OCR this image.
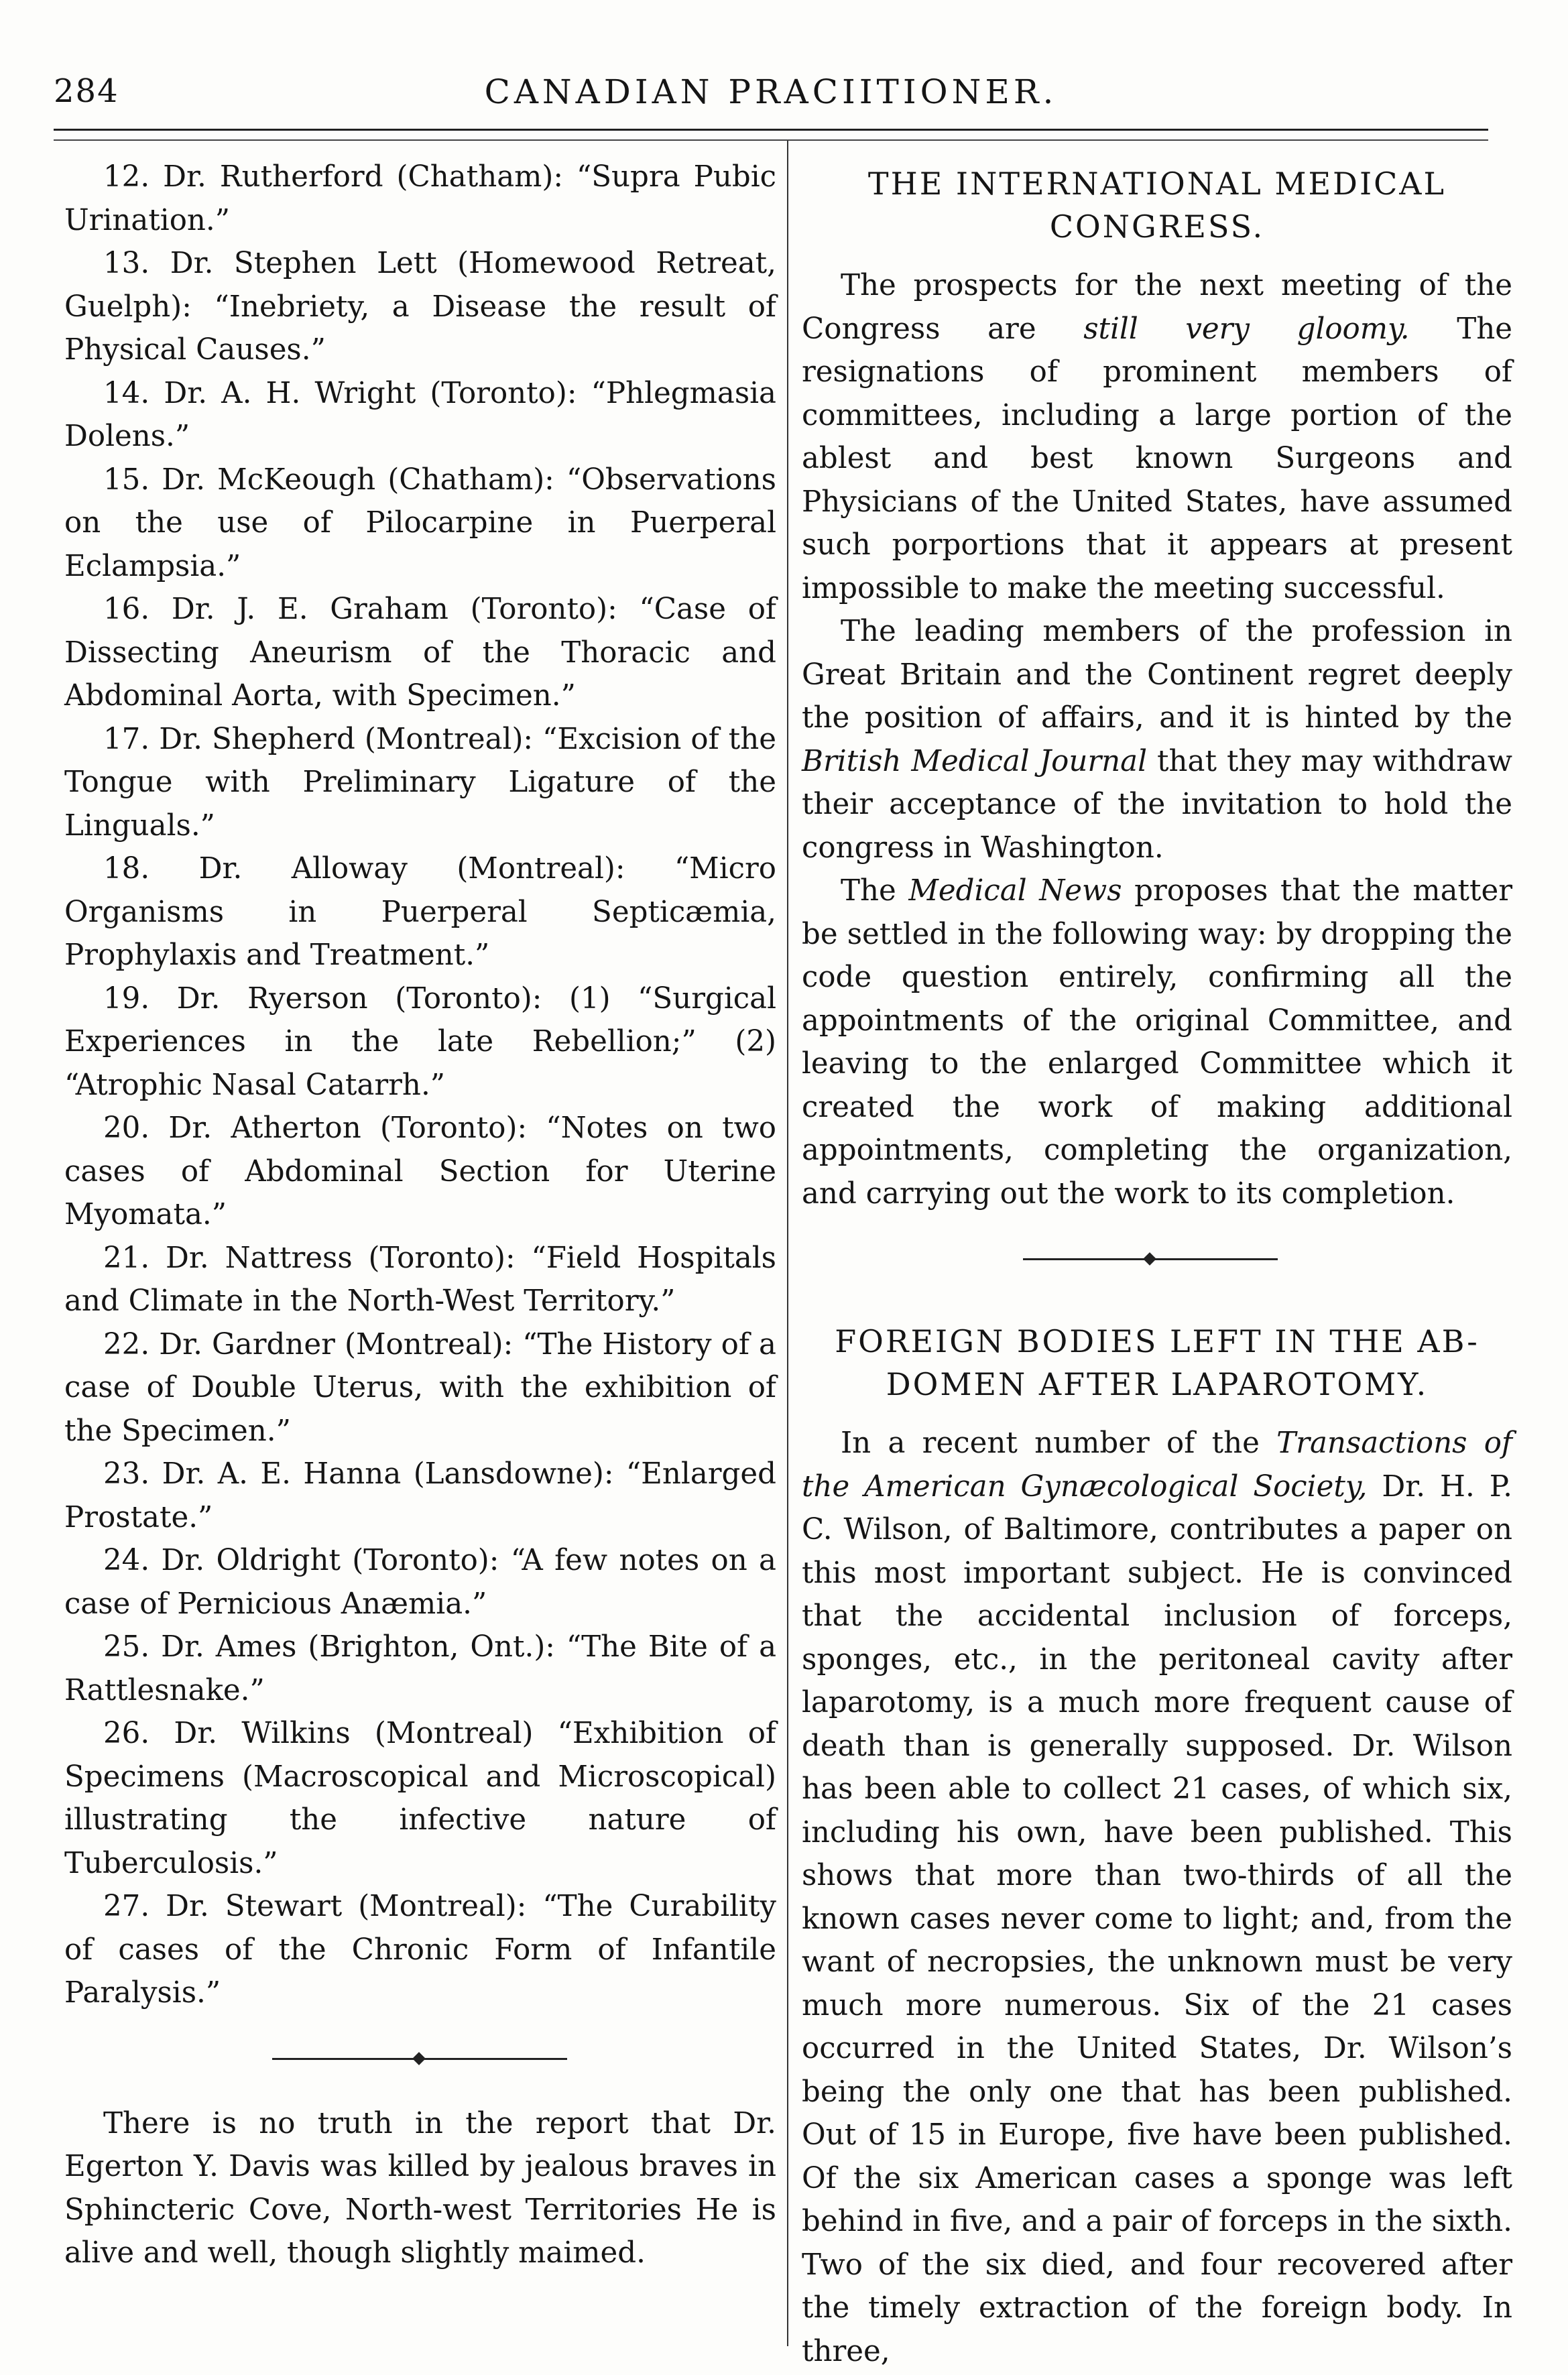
284	CANADIAN PRACIITIONER.

12. Dr. Rutherford (Chatham): “Supra Pubic Urination.”

13. Dr. Stephen Lett (Homewood Retreat, Guelph): “Inebriety, a Disease the result of Physical Causes.”

14. Dr. A. H. Wright (Toronto): “Phlegmasia Dolens.”

15. Dr. McKeough (Chatham): “Observations on the use of Pilocarpine in Puerperal Eclampsia.”

16. Dr. J. E. Graham (Toronto): “Case of Dissecting Aneurism of the Thoracic and Abdominal Aorta, with Specimen.”

17. Dr. Shepherd (Montreal): “Excision of the Tongue with Preliminary Ligature of the Linguals.”

18. Dr. Alloway (Montreal): “Micro Organisms in Puerperal Septicæmia, Prophylaxis and Treatment.”

19. Dr. Ryerson (Toronto): (1) “Surgical Experiences in the late Rebellion;” (2) “Atrophic Nasal Catarrh.”

20. Dr. Atherton (Toronto): “Notes on two cases of Abdominal Section for Uterine Myomata.”

21. Dr. Nattress (Toronto): “Field Hospitals and Climate in the North-West Territory.”

22. Dr. Gardner (Montreal): “The History of a case of Double Uterus, with the exhibition of the Specimen.”

23. Dr. A. E. Hanna (Lansdowne): “Enlarged Prostate.”

24. Dr. Oldright (Toronto): “A few notes on a case of Pernicious Anæmia.”

25. Dr. Ames (Brighton, Ont.): “The Bite of a Rattlesnake.”

26. Dr. Wilkins (Montreal) “Exhibition of Specimens (Macroscopical and Microscopical) illustrating the infective nature of Tuberculosis.”

27. Dr. Stewart (Montreal): “The Curability of cases of the Chronic Form of Infantile Paralysis.”

There is no truth in the report that Dr. Egerton Y. Davis was killed by jealous braves in Sphincteric Cove, North-west Territories He is alive and well, though slightly maimed.

THE INTERNATIONAL MEDICAL
CONGRESS.

The prospects for the next meeting of the Congress are still very gloomy. The resignations of prominent members of committees, including a large portion of the ablest and best known Surgeons and Physicians of the United States, have assumed such porportions that it appears at present impossible to make the meeting successful.

The leading members of the profession in Great Britain and the Continent regret deeply the position of affairs, and it is hinted by the British Medical Journal that they may withdraw their acceptance of the invitation to hold the congress in Washington.

The Medical News proposes that the matter be settled in the following way: by dropping the code question entirely, confirming all the appointments of the original Committee, and leaving to the enlarged Committee which it created the work of making additional appointments, completing the organization, and carrying out the work to its completion.

FOREIGN BODIES LEFT IN THE AB-
DOMEN AFTER LAPAROTOMY.

In a recent number of the Transactions of the American Gynæcological Society, Dr. H. P. C. Wilson, of Baltimore, contributes a paper on this most important subject. He is convinced that the accidental inclusion of forceps, sponges, etc., in the peritoneal cavity after laparotomy, is a much more frequent cause of death than is generally supposed. Dr. Wilson has been able to collect 21 cases, of which six, including his own, have been published. This shows that more than two-thirds of all the known cases never come to light; and, from the want of necropsies, the unknown must be very much more numerous. Six of the 21 cases occurred in the United States, Dr. Wilson’s being the only one that has been published. Out of 15 in Europe, five have been published. Of the six American cases a sponge was left behind in five, and a pair of forceps in the sixth. Two of the six died, and four recovered after the timely extraction of the foreign body. In three,
